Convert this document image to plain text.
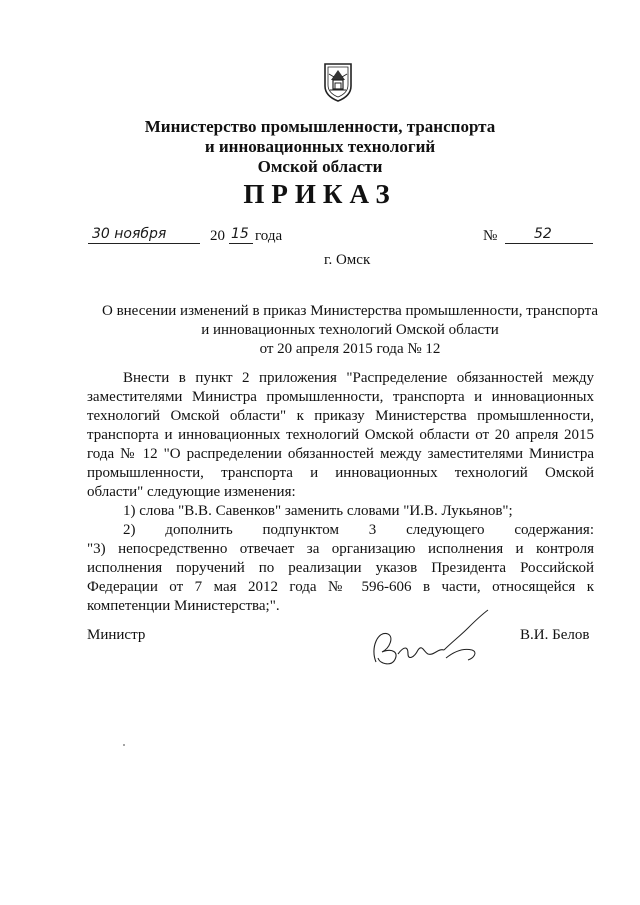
Министерство промышленности, транспорта
и инновационных технологий
Омской области
ПРИКАЗ
30 ноября	20 15 года	№	52
г. Омск
О внесении изменений в приказ Министерства промышленности, транспорта
и инновационных технологий Омской области
от 20 апреля 2015 года № 12
Внести в пункт 2 приложения "Распределение обязанностей между
заместителями Министра промышленности, транспорта и инновационных
технологий Омской области" к приказу Министерства промышленности,
транспорта и инновационных технологий Омской области от 20 апреля 2015
года № 12 "О распределении обязанностей между заместителями Министра
промышленности, транспорта и инновационных технологий Омской
области" следующие изменения:
1) слова "В.В. Савенков" заменить словами "И.В. Лукьянов";
2) дополнить подпунктом 3 следующего содержания:
"3) непосредственно отвечает за организацию исполнения и контроля
исполнения поручений по реализации указов Президента Российской
Федерации от 7 мая 2012 года № 596-606 в части, относящейся к
компетенции Министерства;".
Министр	В.И. Белов
